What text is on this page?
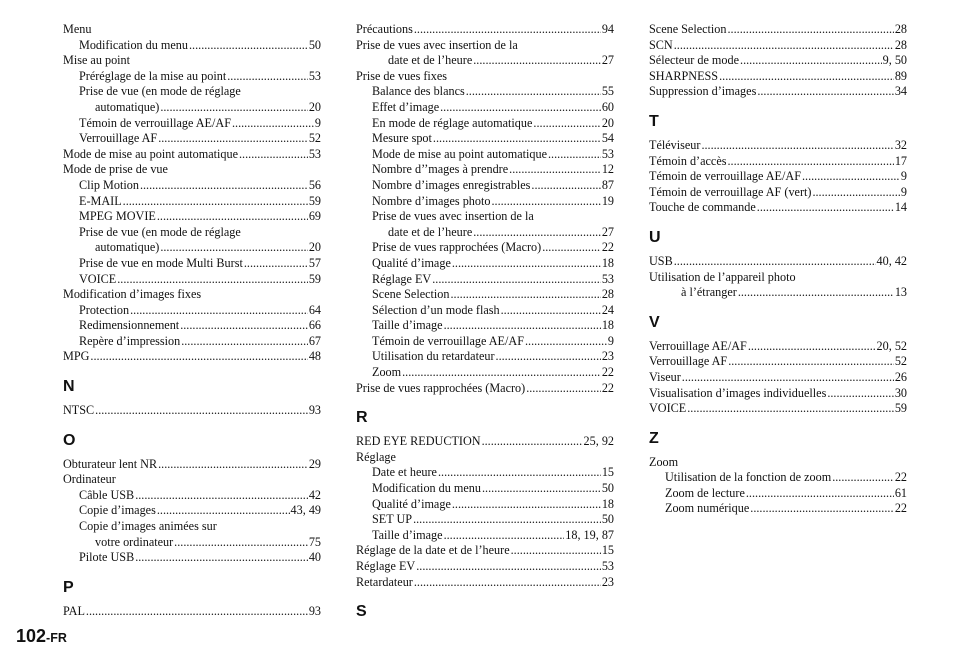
Menu
Modification du menu .....	50
Mise au point
Préréglage de la mise au point .....	53
Prise de vue (en mode de réglage
automatique) .....	20
Témoin de verrouillage AE/AF .....	9
Verrouillage AF .....	52
Mode de mise au point automatique .....	53
Mode de prise de vue
Clip Motion .....	56
E-MAIL .....	59
MPEG MOVIE .....	69
Prise de vue (en mode de réglage
automatique) .....	20
Prise de vue en mode Multi Burst .....	57
VOICE .....	59
Modification d’images fixes
Protection .....	64
Redimensionnement .....	66
Repère d’impression .....	67
MPG .....	48
N
NTSC .....	93
O
Obturateur lent NR .....	29
Ordinateur
Câble USB .....	42
Copie d’images .....	43, 49
Copie d’images animées sur
votre ordinateur .....	75
Pilote USB .....	40
P
PAL .....	93
Précautions .....	94
Prise de vues avec insertion de la
date et de l’heure .....	27
Prise de vues fixes
Balance des blancs .....	55
Effet d’image .....	60
En mode de réglage automatique .....	20
Mesure spot .....	54
Mode de mise au point automatique .....	53
Nombre d’’mages à prendre .....	12
Nombre d’images enregistrables .....	87
Nombre d’images photo .....	19
Prise de vues avec insertion de la
date et de l’heure .....	27
Prise de vues rapprochées (Macro) .....	22
Qualité d’image .....	18
Réglage EV .....	53
Scene Selection .....	28
Sélection d’un mode flash .....	24
Taille d’image .....	18
Témoin de verrouillage AE/AF .....	9
Utilisation du retardateur .....	23
Zoom .....	22
Prise de vues rapprochées (Macro) .....	22
R
RED EYE REDUCTION .....	25, 92
Réglage
Date et heure .....	15
Modification du menu .....	50
Qualité d’image .....	18
SET UP .....	50
Taille d’image .....	18, 19, 87
Réglage de la date et de l’heure .....	15
Réglage EV .....	53
Retardateur .....	23
S
Scene Selection .....	28
SCN .....	28
Sélecteur de mode .....	9, 50
SHARPNESS .....	89
Suppression d’images .....	34
T
Téléviseur .....	32
Témoin d’accès .....	17
Témoin de verrouillage AE/AF .....	9
Témoin de verrouillage AF (vert) .....	9
Touche de commande .....	14
U
USB .....	40, 42
Utilisation de l’appareil photo
à l’étranger .....	13
V
Verrouillage AE/AF .....	20, 52
Verrouillage AF .....	52
Viseur .....	26
Visualisation d’images individuelles .....	30
VOICE .....	59
Z
Zoom
Utilisation de la fonction de zoom .....	22
Zoom de lecture .....	61
Zoom numérique .....	22
102-FR
